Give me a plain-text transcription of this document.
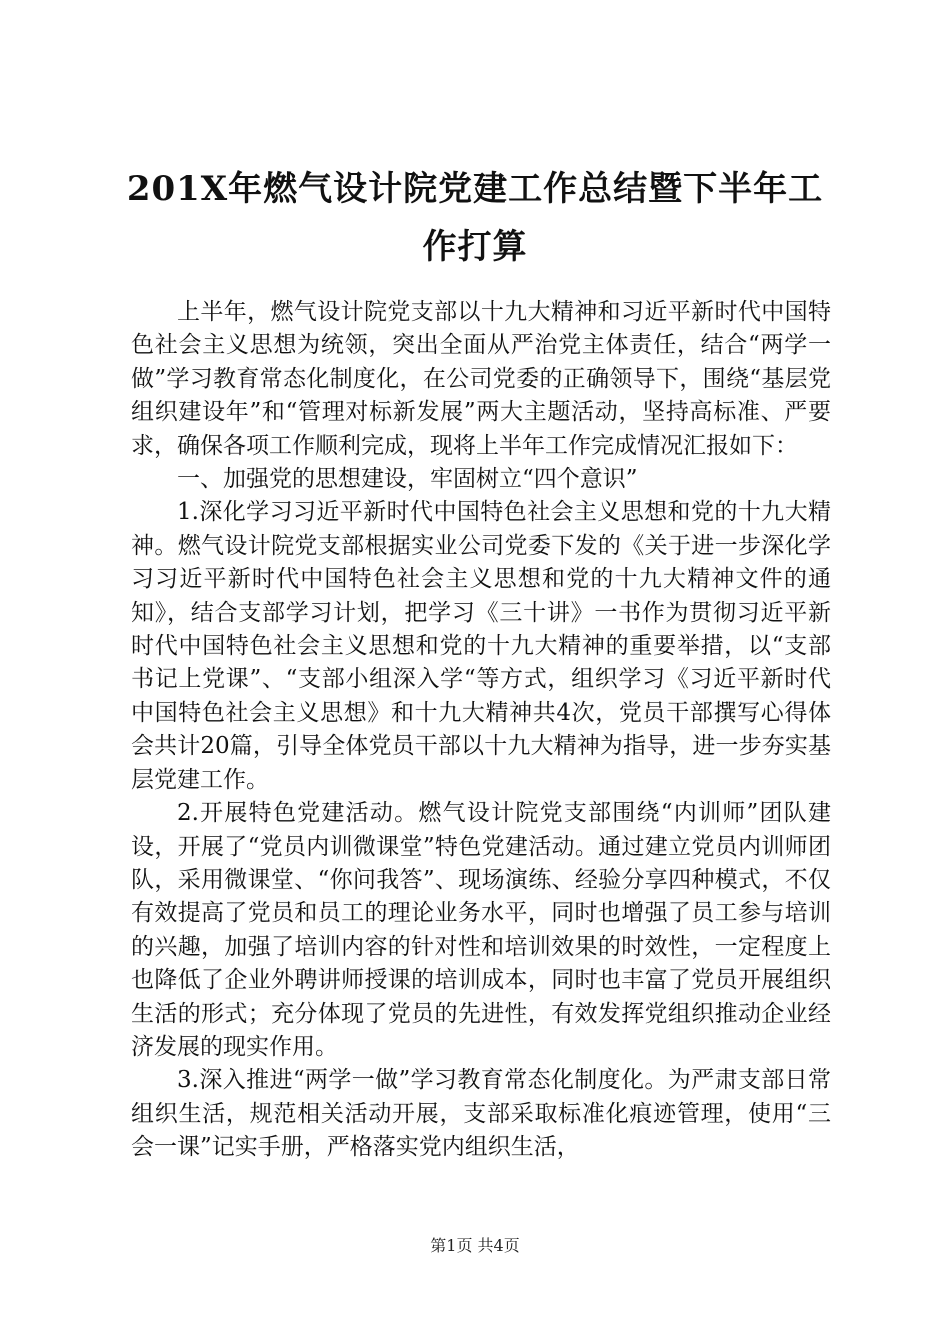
201X年燃气设计院党建工作总结暨下半年工
作打算

上半年，燃气设计院党支部以十九大精神和习近平新时代中国特色社会主义思想为统领，突出全面从严治党主体责任，结合“两学一做”学习教育常态化制度化，在公司党委的正确领导下，围绕“基层党组织建设年”和“管理对标新发展”两大主题活动，坚持高标准、严要求，确保各项工作顺利完成，现将上半年工作完成情况汇报如下：

一、加强党的思想建设，牢固树立“四个意识”

1.深化学习习近平新时代中国特色社会主义思想和党的十九大精神。燃气设计院党支部根据实业公司党委下发的《关于进一步深化学习习近平新时代中国特色社会主义思想和党的十九大精神文件的通知》，结合支部学习计划，把学习《三十讲》一书作为贯彻习近平新时代中国特色社会主义思想和党的十九大精神的重要举措，以“支部书记上党课”、“支部小组深入学“等方式，组织学习《习近平新时代中国特色社会主义思想》和十九大精神共4次，党员干部撰写心得体会共计20篇，引导全体党员干部以十九大精神为指导，进一步夯实基层党建工作。

2.开展特色党建活动。燃气设计院党支部围绕“内训师”团队建设，开展了“党员内训微课堂”特色党建活动。通过建立党员内训师团队，采用微课堂、“你问我答”、现场演练、经验分享四种模式，不仅有效提高了党员和员工的理论业务水平，同时也增强了员工参与培训的兴趣，加强了培训内容的针对性和培训效果的时效性，一定程度上也降低了企业外聘讲师授课的培训成本，同时也丰富了党员开展组织生活的形式；充分体现了党员的先进性，有效发挥党组织推动企业经济发展的现实作用。

3.深入推进“两学一做”学习教育常态化制度化。为严肃支部日常组织生活，规范相关活动开展，支部采取标准化痕迹管理，使用“三会一课”记实手册，严格落实党内组织生活，

第1页 共4页
